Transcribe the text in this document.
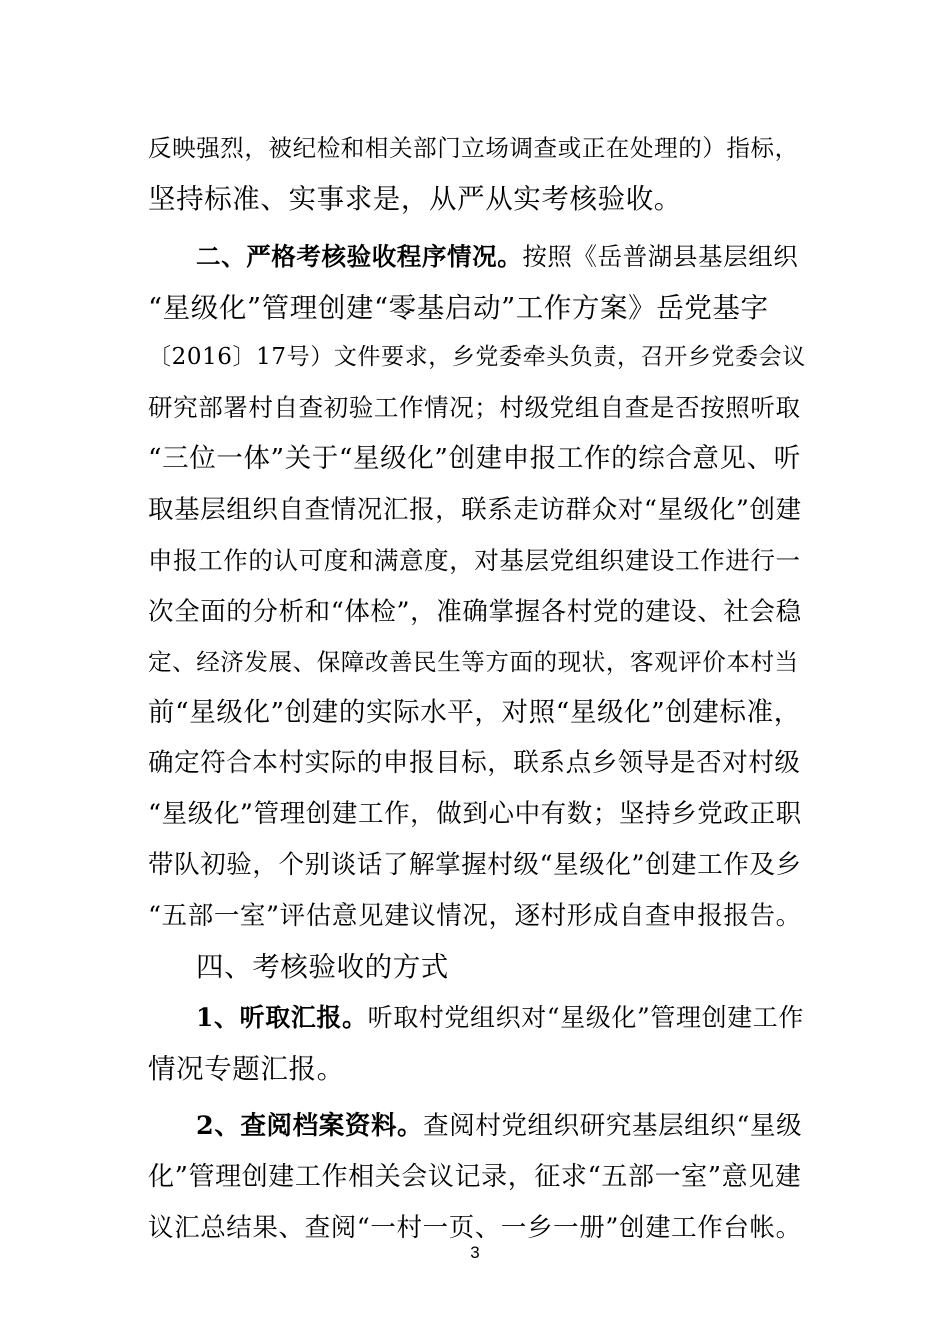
反映强烈，被纪检和相关部门立场调查或正在处理的）指标，
坚持标准、实事求是，从严从实考核验收。
二、严格考核验收程序情况。按照《岳普湖县基层组织
“星级化”管理创建“零基启动”工作方案》岳党基字
〔2016〕17号）文件要求，乡党委牵头负责，召开乡党委会议
研究部署村自查初验工作情况；村级党组自查是否按照听取
“三位一体”关于“星级化”创建申报工作的综合意见、听
取基层组织自查情况汇报，联系走访群众对“星级化”创建
申报工作的认可度和满意度，对基层党组织建设工作进行一
次全面的分析和“体检”，准确掌握各村党的建设、社会稳
定、经济发展、保障改善民生等方面的现状，客观评价本村当
前“星级化”创建的实际水平，对照“星级化”创建标准，
确定符合本村实际的申报目标，联系点乡领导是否对村级
“星级化”管理创建工作，做到心中有数；坚持乡党政正职
带队初验，个别谈话了解掌握村级“星级化”创建工作及乡
“五部一室”评估意见建议情况，逐村形成自查申报报告。
四、考核验收的方式
1、听取汇报。听取村党组织对“星级化”管理创建工作
情况专题汇报。
2、查阅档案资料。查阅村党组织研究基层组织“星级
化”管理创建工作相关会议记录，征求“五部一室”意见建
议汇总结果、查阅“一村一页、一乡一册”创建工作台帐。
3
